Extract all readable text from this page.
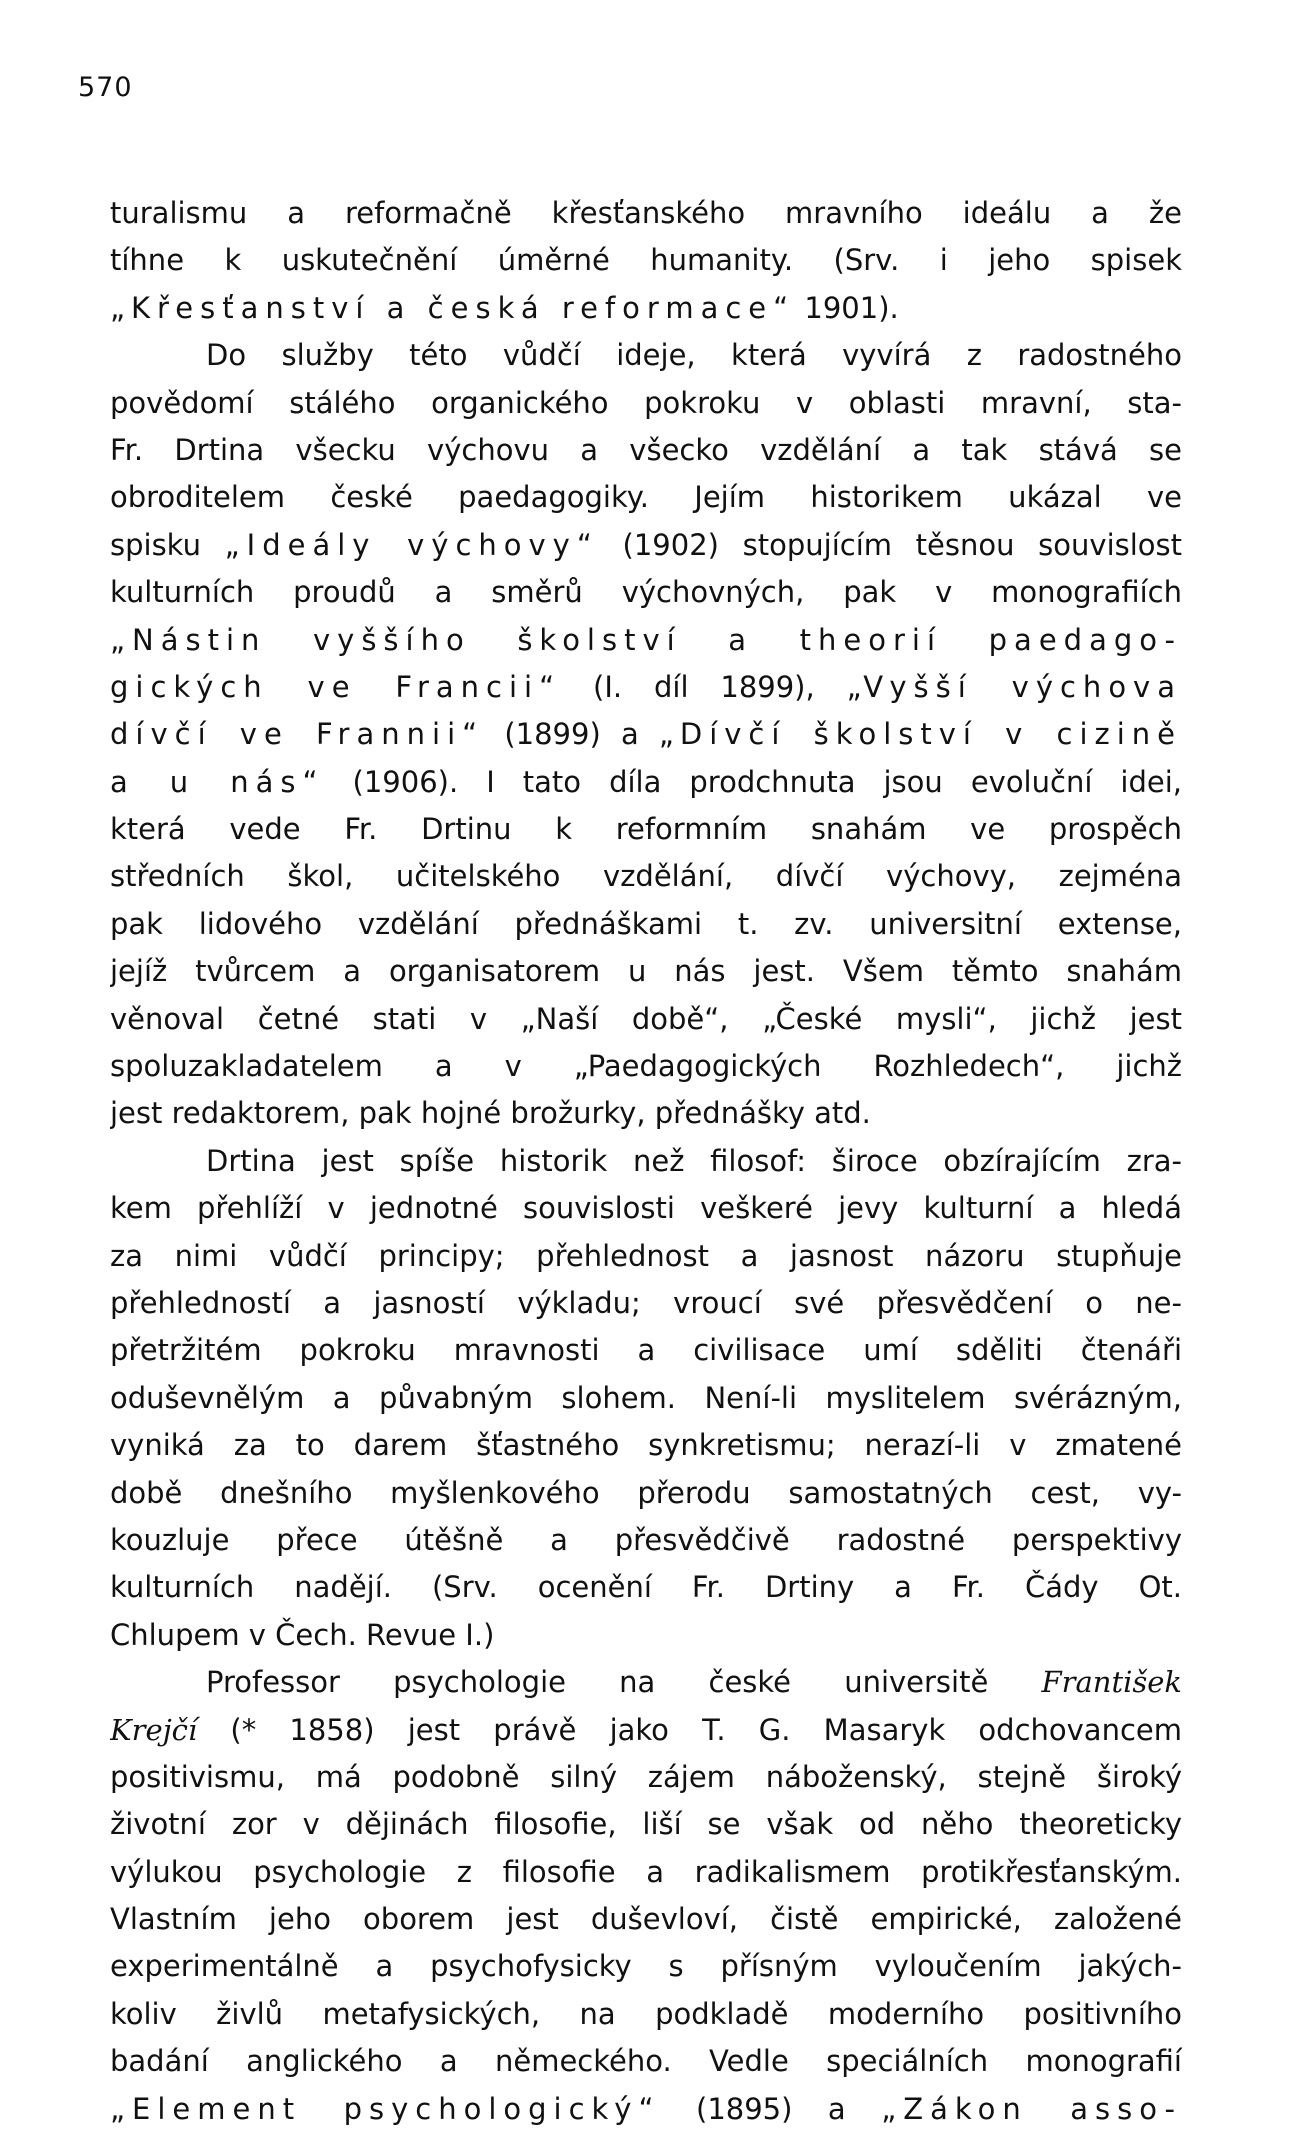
570
turalismu a reformačně křesťanského mravního ideálu a že
tíhne k uskutečnění úměrné humanity. (Srv. i jeho spisek
„Křesťanství a česká reformace“ 1901).
Do služby této vůdčí ideje, která vyvírá z radostného
povědomí stálého organického pokroku v oblasti mravní, sta-
Fr. Drtina všecku výchovu a všecko vzdělání a tak stává se
obroditelem české paedagogiky. Jejím historikem ukázal ve
spisku „Ideály výchovy“ (1902) stopujícím těsnou souvislost
kulturních proudů a směrů výchovných, pak v monografiích
„Nástin vyššího školství a theorií paedago-
gických ve Francii“ (I. díl 1899), „Vyšší výchova
dívčí ve Frannii“ (1899) a „Dívčí školství v cizině
a u nás“ (1906). I tato díla prodchnuta jsou evoluční idei,
která vede Fr. Drtinu k reformním snahám ve prospěch
středních škol, učitelského vzdělání, dívčí výchovy, zejména
pak lidového vzdělání přednáškami t. zv. universitní extense,
jejíž tvůrcem a organisatorem u nás jest. Všem těmto snahám
věnoval četné stati v „Naší době“, „České mysli“, jichž jest
spoluzakladatelem a v „Paedagogických Rozhledech“, jichž
jest redaktorem, pak hojné brožurky, přednášky atd.
Drtina jest spíše historik než filosof: široce obzírajícím zra-
kem přehlíží v jednotné souvislosti veškeré jevy kulturní a hledá
za nimi vůdčí principy; přehlednost a jasnost názoru stupňuje
přehledností a jasností výkladu; vroucí své přesvědčení o ne-
přetržitém pokroku mravnosti a civilisace umí sděliti čtenáři
oduševnělým a půvabným slohem. Není-li myslitelem svérázným,
vyniká za to darem šťastného synkretismu; nerazí-li v zmatené
době dnešního myšlenkového přerodu samostatných cest, vy-
kouzluje přece útěšně a přesvědčivě radostné perspektivy
kulturních nadějí. (Srv. ocenění Fr. Drtiny a Fr. Čády Ot.
Chlupem v Čech. Revue I.)
Professor psychologie na české universitě František
Krejčí (* 1858) jest právě jako T. G. Masaryk odchovancem
positivismu, má podobně silný zájem náboženský, stejně široký
životní zor v dějinách filosofie, liší se však od něho theoreticky
výlukou psychologie z filosofie a radikalismem protikřesťanským.
Vlastním jeho oborem jest duševloví, čistě empirické, založené
experimentálně a psychofysicky s přísným vyloučením jakých-
koliv živlů metafysických, na podkladě moderního positivního
badání anglického a německého. Vedle speciálních monografií
„Element psychologický“ (1895) a „Zákon asso-
